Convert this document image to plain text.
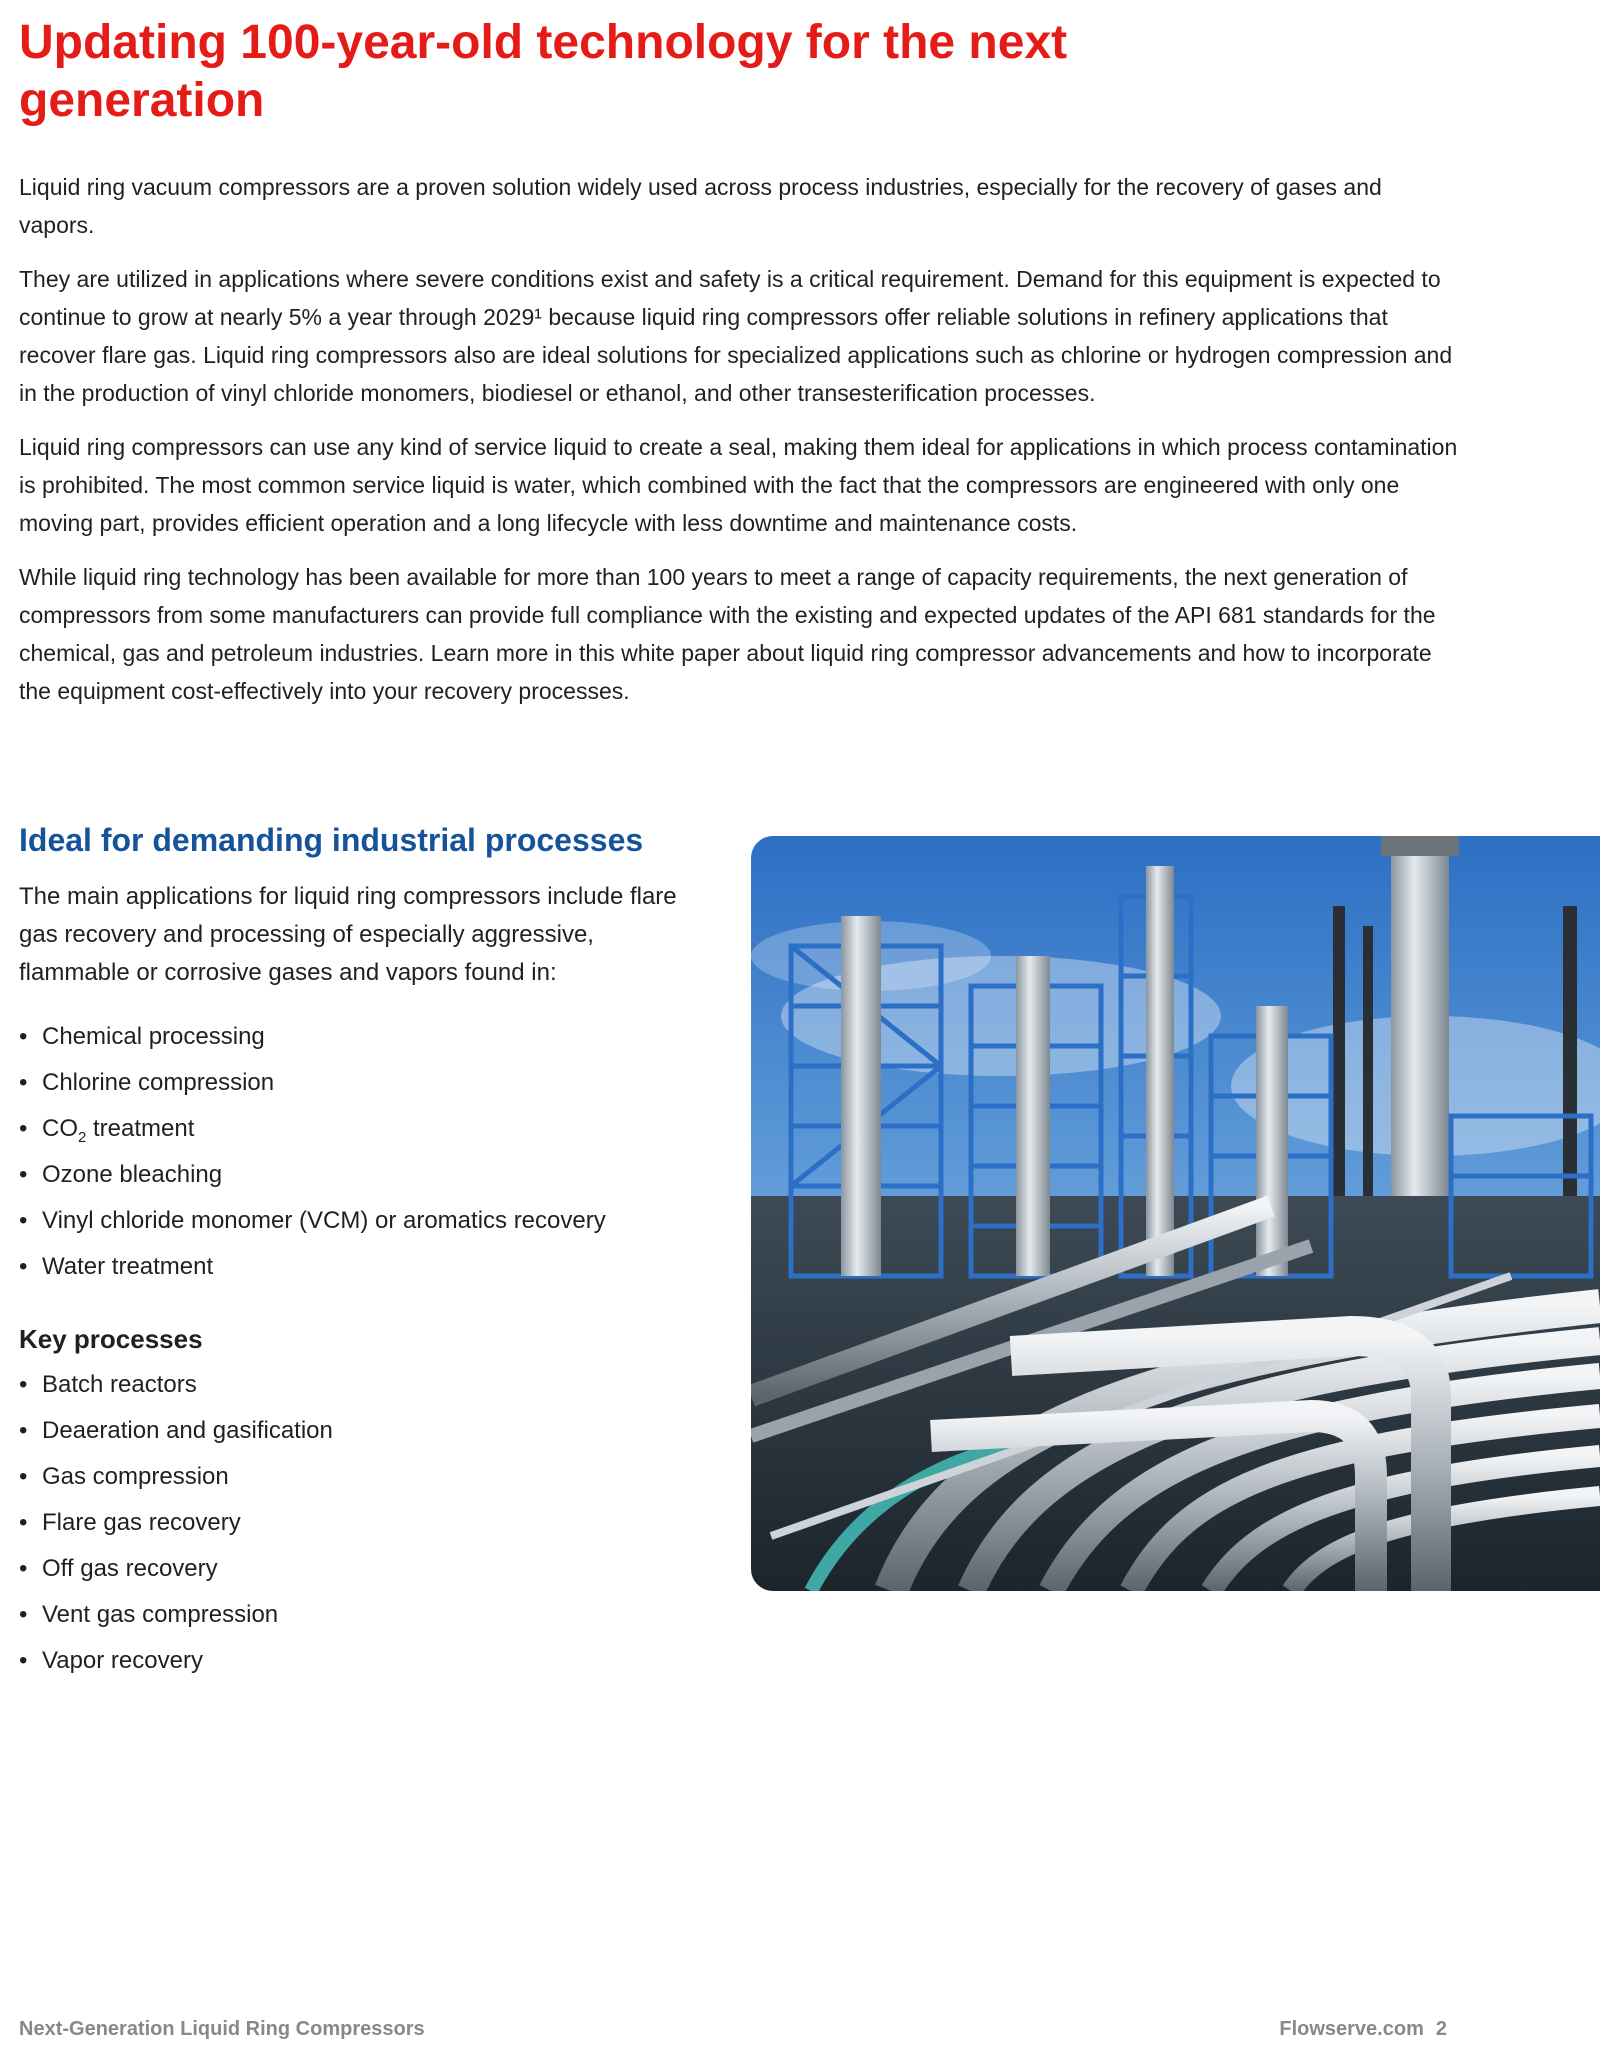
Updating 100-year-old technology for the next generation

Liquid ring vacuum compressors are a proven solution widely used across process industries, especially for the recovery of gases and vapors.

They are utilized in applications where severe conditions exist and safety is a critical requirement. Demand for this equipment is expected to continue to grow at nearly 5% a year through 2029¹ because liquid ring compressors offer reliable solutions in refinery applications that recover flare gas. Liquid ring compressors also are ideal solutions for specialized applications such as chlorine or hydrogen compression and in the production of vinyl chloride monomers, biodiesel or ethanol, and other transesterification processes.

Liquid ring compressors can use any kind of service liquid to create a seal, making them ideal for applications in which process contamination is prohibited. The most common service liquid is water, which combined with the fact that the compressors are engineered with only one moving part, provides efficient operation and a long lifecycle with less downtime and maintenance costs.

While liquid ring technology has been available for more than 100 years to meet a range of capacity requirements, the next generation of compressors from some manufacturers can provide full compliance with the existing and expected updates of the API 681 standards for the chemical, gas and petroleum industries. Learn more in this white paper about liquid ring compressor advancements and how to incorporate the equipment cost-effectively into your recovery processes.

Ideal for demanding industrial processes

The main applications for liquid ring compressors include flare gas recovery and processing of especially aggressive, flammable or corrosive gases and vapors found in:

• Chemical processing
• Chlorine compression
• $CO_2$ treatment
• Ozone bleaching
• Vinyl chloride monomer (VCM) or aromatics recovery
• Water treatment
Key processes
• Batch reactors
• Deaeration and gasification
• Gas compression
• Flare gas recovery
• Off gas recovery
• Vent gas compression
• Vapor recovery
Next-Generation Liquid Ring Compressors	Flowserve.com 2
